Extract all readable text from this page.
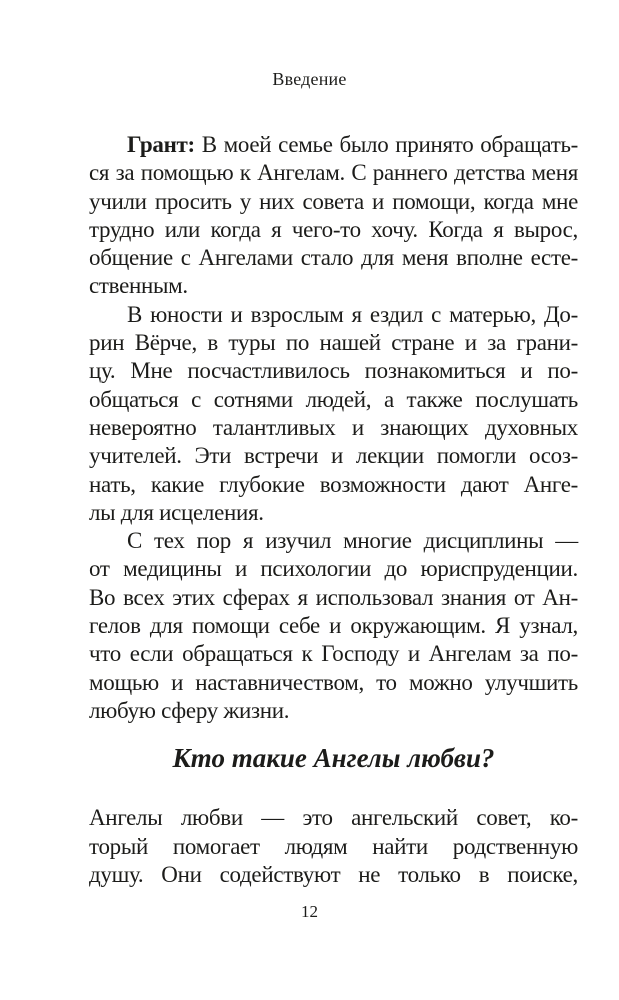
Введение
Грант: В моей семье было принято обращать-
ся за помощью к Ангелам. С раннего детства меня
учили просить у них совета и помощи, когда мне
трудно или когда я чего-то хочу. Когда я вырос,
общение с Ангелами стало для меня вполне есте-
ственным.
В юности и взрослым я ездил с матерью, До-
рин Вёрче, в туры по нашей стране и за грани-
цу. Мне посчастливилось познакомиться и по-
общаться с сотнями людей, а также послушать
невероятно талантливых и знающих духовных
учителей. Эти встречи и лекции помогли осоз-
нать, какие глубокие возможности дают Анге-
лы для исцеления.
С тех пор я изучил многие дисциплины —
от медицины и психологии до юриспруденции.
Во всех этих сферах я использовал знания от Ан-
гелов для помощи себе и окружающим. Я узнал,
что если обращаться к Господу и Ангелам за по-
мощью и наставничеством, то можно улучшить
любую сферу жизни.
Кто такие Ангелы любви?
Ангелы любви — это ангельский совет, ко-
торый помогает людям найти родственную
душу. Они содействуют не только в поиске,
12
